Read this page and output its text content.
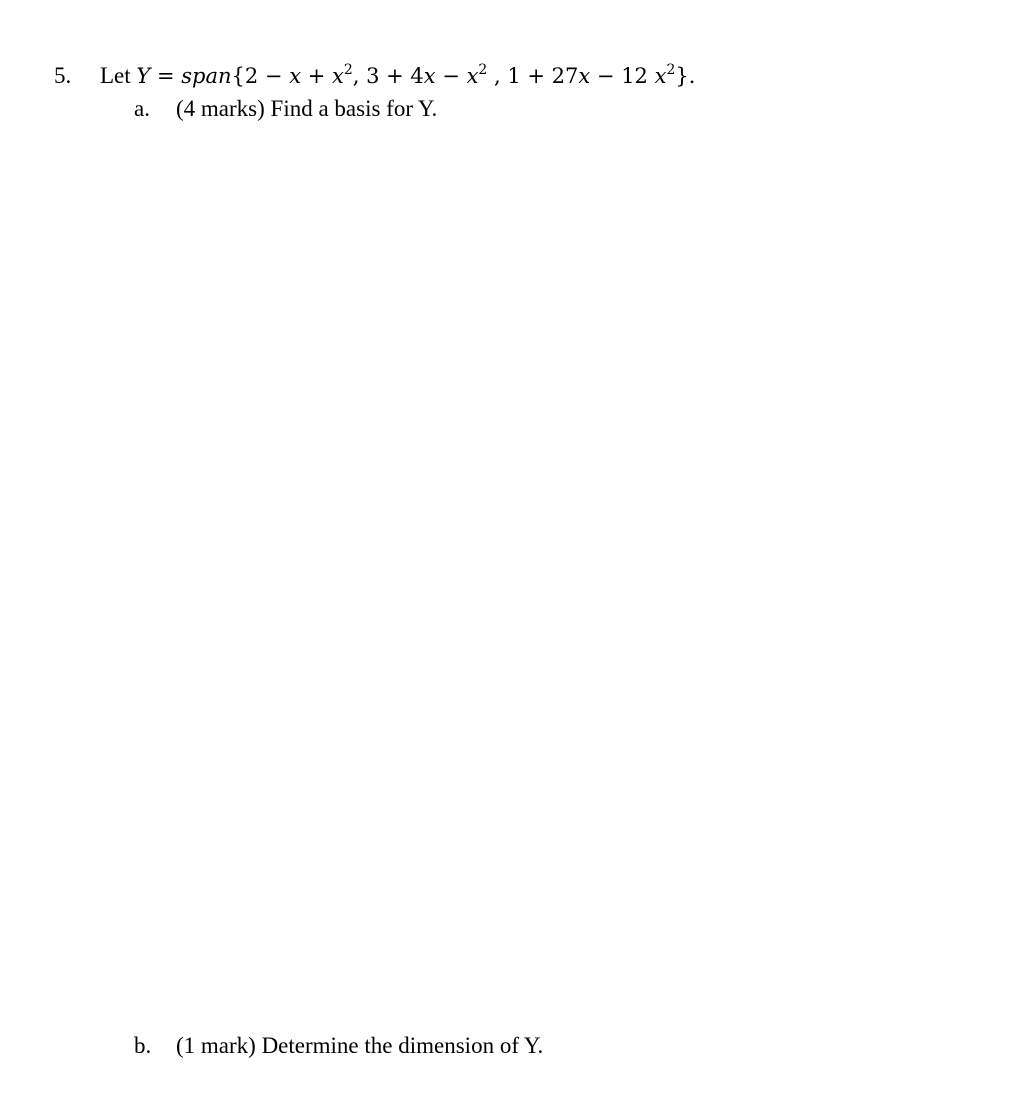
5. Let Y = span{2 − $x + x^2$, $3 + 4x - x^2$ , 1 + 27x − 12 $x^2$}.
a. (4 marks) Find a basis for Y.
b. (1 mark) Determine the dimension of Y.
